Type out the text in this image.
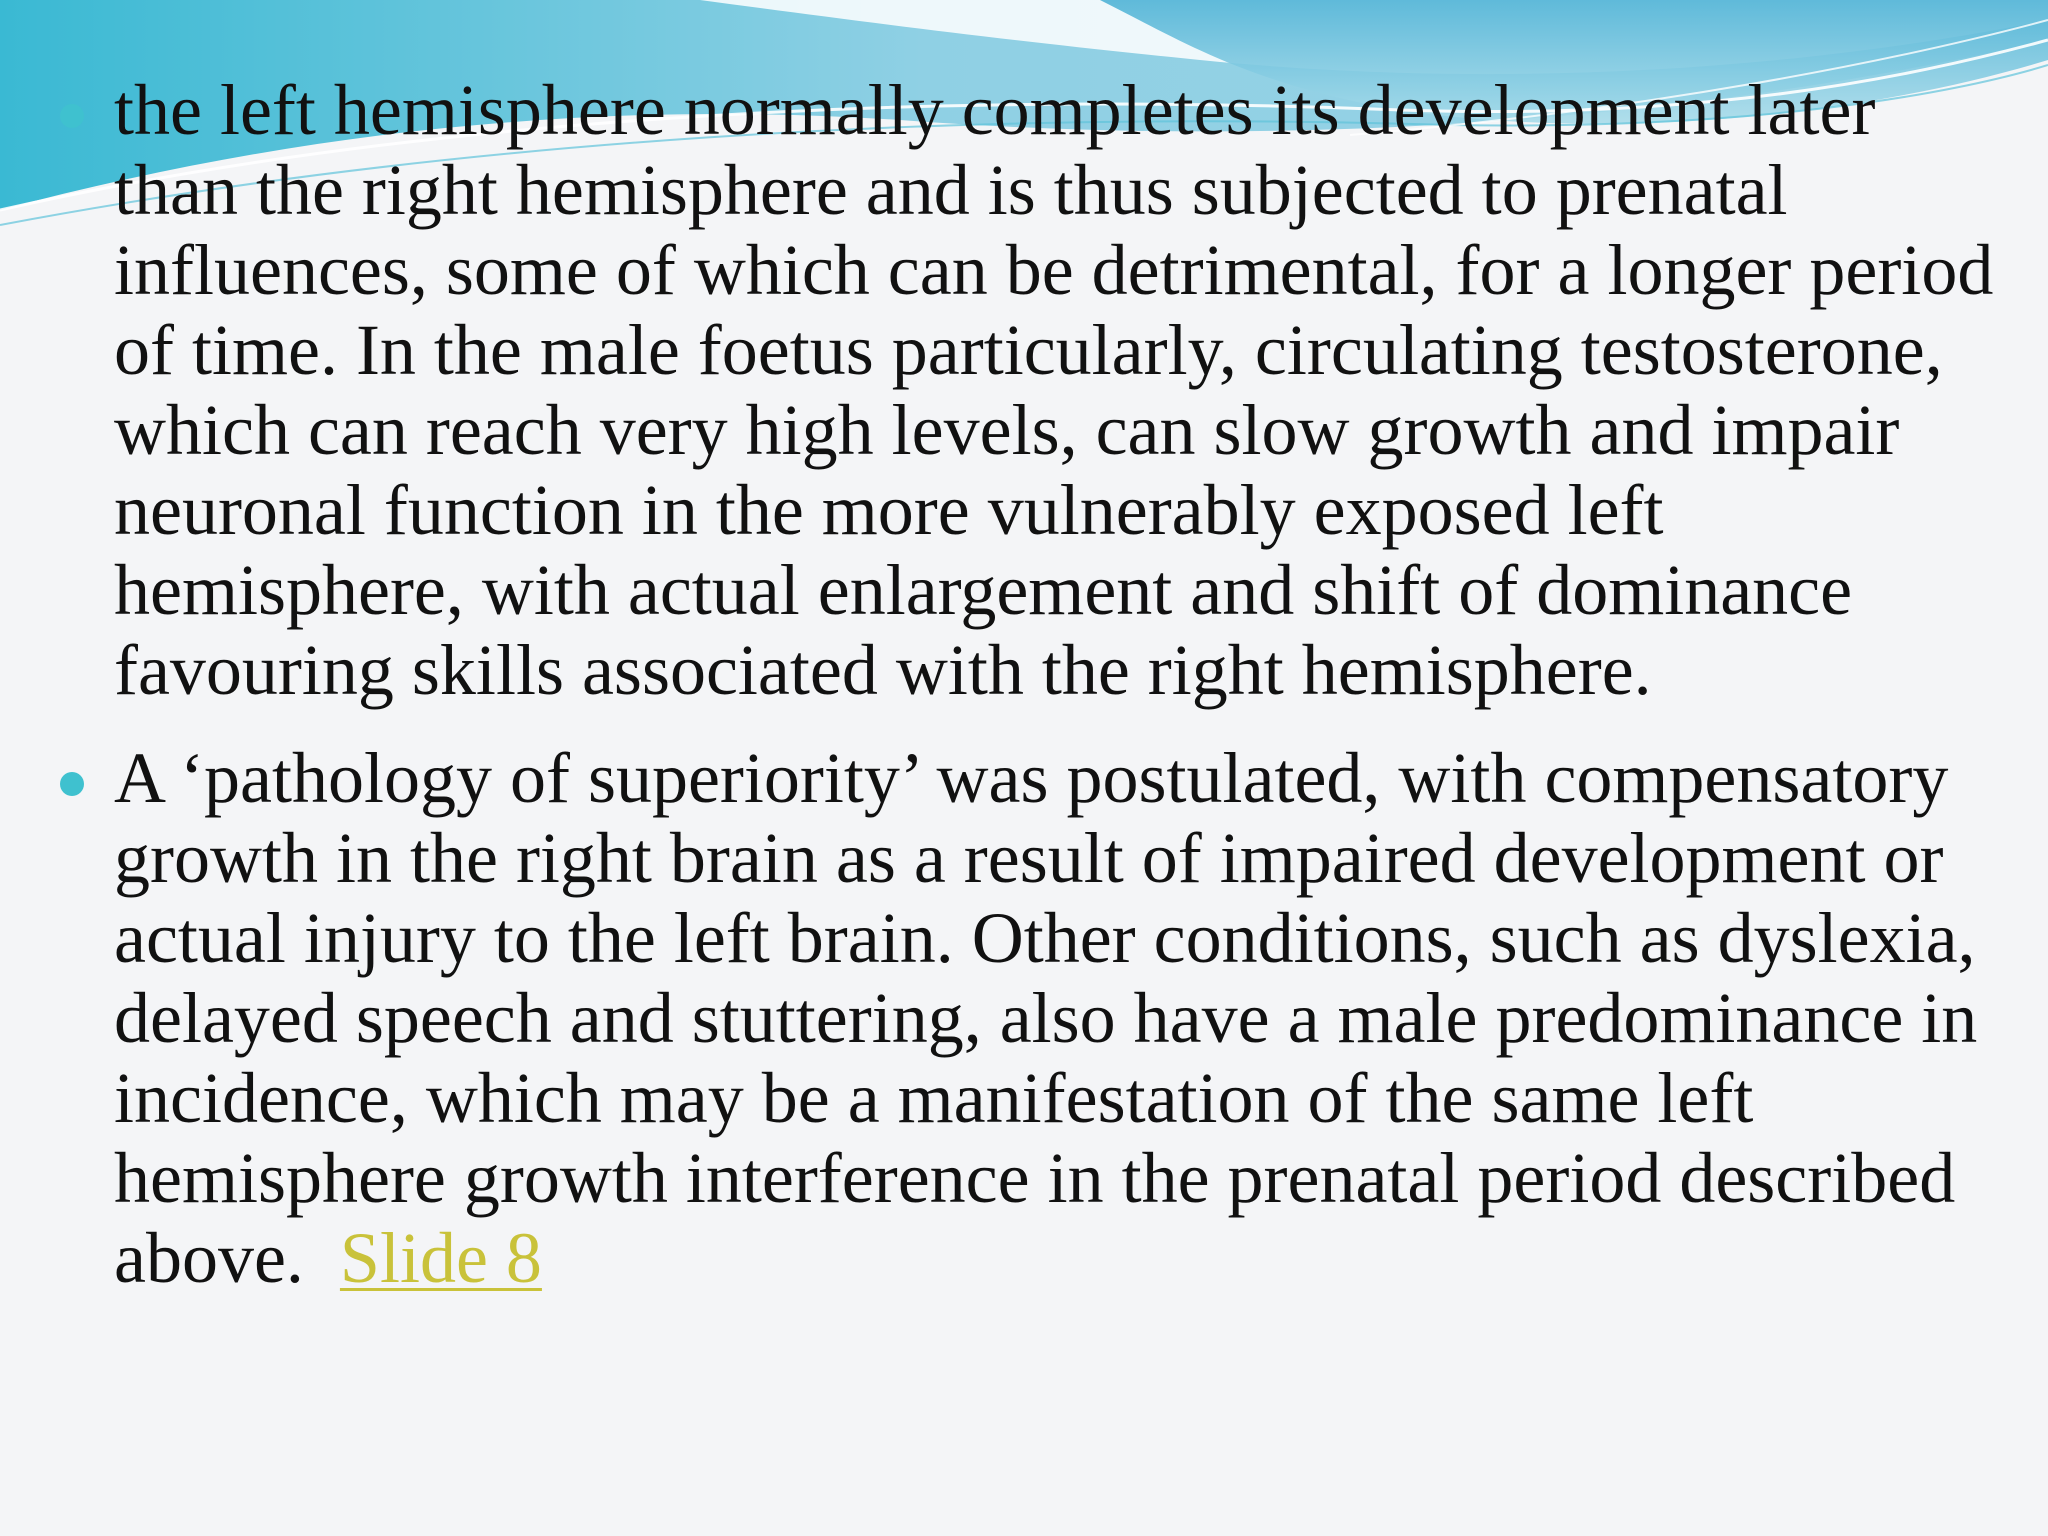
the left hemisphere normally completes its development later than the right hemisphere and is thus subjected to prenatal influences, some of which can be detrimental, for a longer period of time. In the male foetus particularly, circulating testosterone, which can reach very high levels, can slow growth and impair neuronal function in the more vulnerably exposed left hemisphere, with actual enlargement and shift of dominance favouring skills associated with the right hemisphere.
A ‘pathology of superiority’ was postulated, with compensatory growth in the right brain as a result of impaired development or actual injury to the left brain. Other conditions, such as dyslexia, delayed speech and stuttering, also have a male predominance in incidence, which may be a manifestation of the same left hemisphere growth interference in the prenatal period described above. Slide 8
